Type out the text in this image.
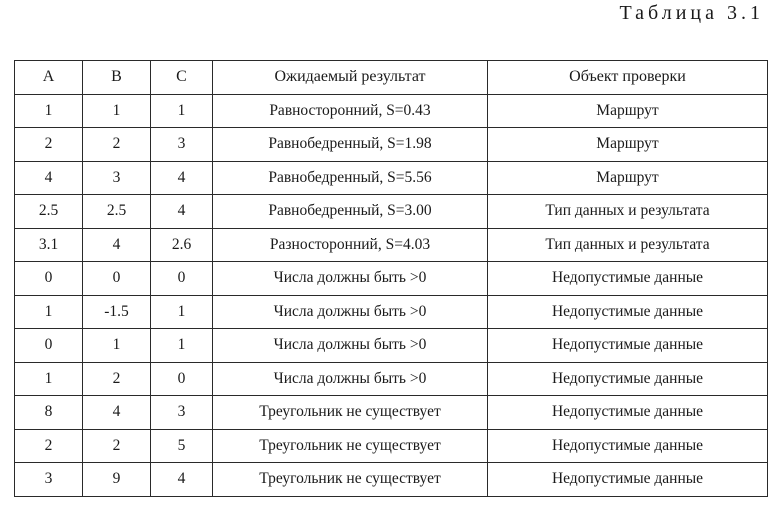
Таблица 3.1
A	B	C	Ожидаемый результат	Объект проверки
1	1	1	Равносторонний, S=0.43	Маршрут
2	2	3	Равнобедренный, S=1.98	Маршрут
4	3	4	Равнобедренный, S=5.56	Маршрут
2.5	2.5	4	Равнобедренный, S=3.00	Тип данных и результата
3.1	4	2.6	Разносторонний, S=4.03	Тип данных и результата
0	0	0	Числа должны быть >0	Недопустимые данные
1	-1.5	1	Числа должны быть >0	Недопустимые данные
0	1	1	Числа должны быть >0	Недопустимые данные
1	2	0	Числа должны быть >0	Недопустимые данные
8	4	3	Треугольник не существует	Недопустимые данные
2	2	5	Треугольник не существует	Недопустимые данные
3	9	4	Треугольник не существует	Недопустимые данные
